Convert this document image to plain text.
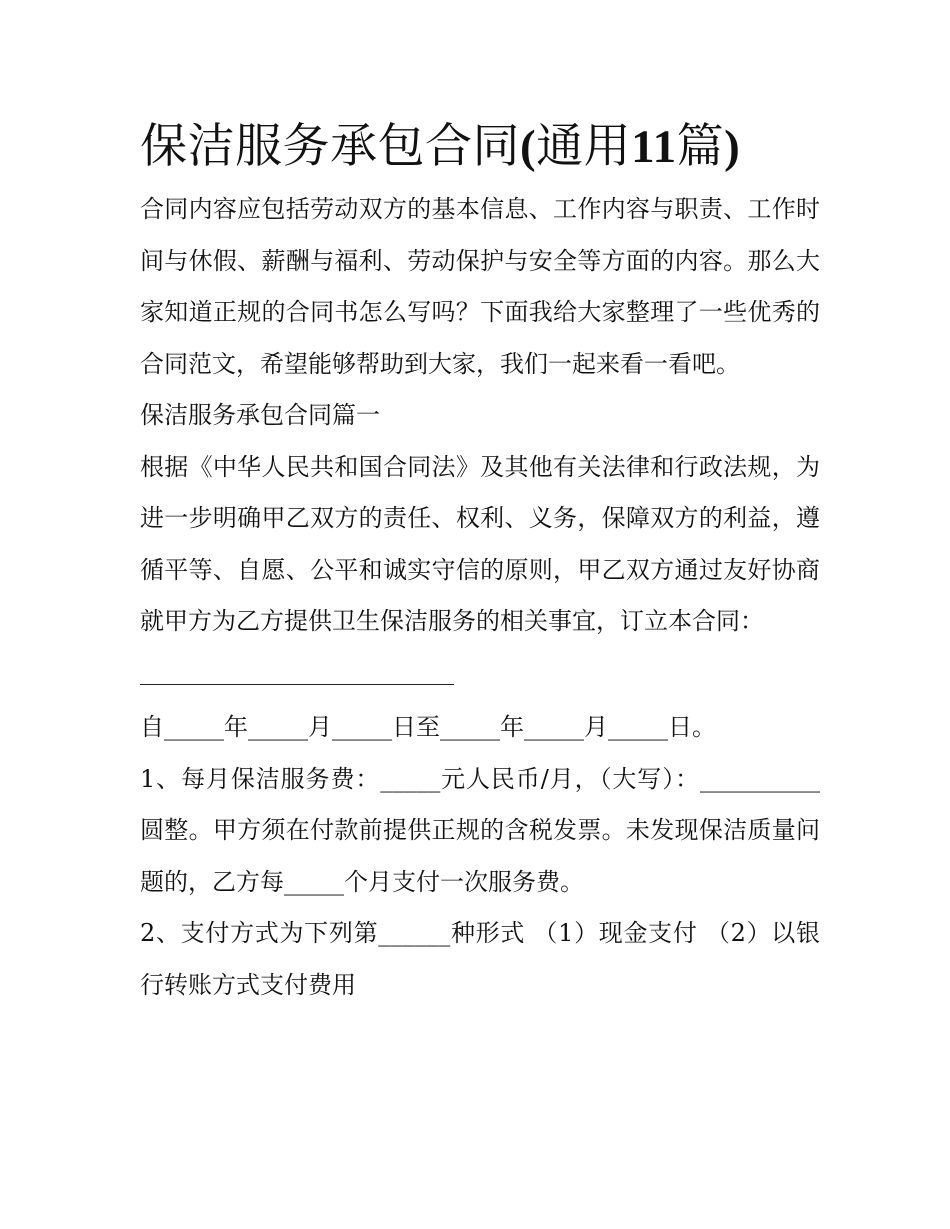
保洁服务承包合同(通用11篇)

合同内容应包括劳动双方的基本信息、工作内容与职责、工作时间与休假、薪酬与福利、劳动保护与安全等方面的内容。那么大家知道正规的合同书怎么写吗？下面我给大家整理了一些优秀的合同范文，希望能够帮助到大家，我们一起来看一看吧。

保洁服务承包合同篇一

根据《中华人民共和国合同法》及其他有关法律和行政法规，为进一步明确甲乙双方的责任、权利、义务，保障双方的利益，遵循平等、自愿、公平和诚实守信的原则，甲乙双方通过友好协商就甲方为乙方提供卫生保洁服务的相关事宜，订立本合同：

自_____年_____月_____日至_____年_____月_____日。

1、每月保洁服务费：_____元人民币/月，（大写）：__________圆整。甲方须在付款前提供正规的含税发票。未发现保洁质量问题的，乙方每_____个月支付一次服务费。

2、支付方式为下列第______种形式 （1）现金支付 （2）以银行转账方式支付费用
